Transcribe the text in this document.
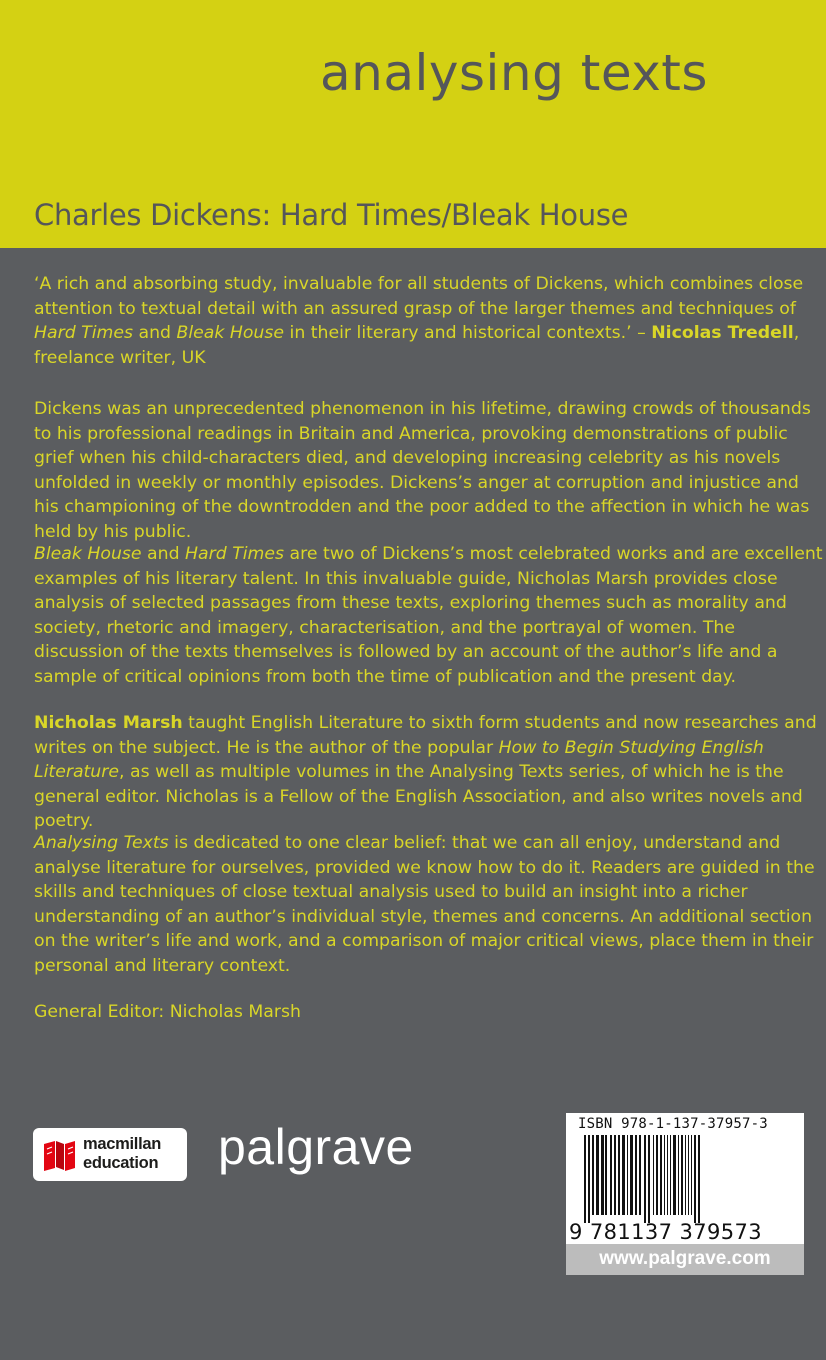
analysing texts
Charles Dickens: Hard Times/Bleak House

‘A rich and absorbing study, invaluable for all students of Dickens, which combines close attention to textual detail with an assured grasp of the larger themes and techniques of Hard Times and Bleak House in their literary and historical contexts.’ – Nicolas Tredell, freelance writer, UK

Dickens was an unprecedented phenomenon in his lifetime, drawing crowds of thousands to his professional readings in Britain and America, provoking demonstrations of public grief when his child-characters died, and developing increasing celebrity as his novels unfolded in weekly or monthly episodes. Dickens’s anger at corruption and injustice and his championing of the downtrodden and the poor added to the affection in which he was held by his public.

Bleak House and Hard Times are two of Dickens’s most celebrated works and are excellent examples of his literary talent. In this invaluable guide, Nicholas Marsh provides close analysis of selected passages from these texts, exploring themes such as morality and society, rhetoric and imagery, characterisation, and the portrayal of women. The discussion of the texts themselves is followed by an account of the author’s life and a sample of critical opinions from both the time of publication and the present day.

Nicholas Marsh taught English Literature to sixth form students and now researches and writes on the subject. He is the author of the popular How to Begin Studying English Literature, as well as multiple volumes in the Analysing Texts series, of which he is the general editor. Nicholas is a Fellow of the English Association, and also writes novels and poetry.

Analysing Texts is dedicated to one clear belief: that we can all enjoy, understand and analyse literature for ourselves, provided we know how to do it. Readers are guided in the skills and techniques of close textual analysis used to build an insight into a richer understanding of an author’s individual style, themes and concerns. An additional section on the writer’s life and work, and a comparison of major critical views, place them in their personal and literary context.

General Editor: Nicholas Marsh

macmillan
education palgrave	ISBN 978-1-137-37957-3
9 781137 379573
www.palgrave.com
